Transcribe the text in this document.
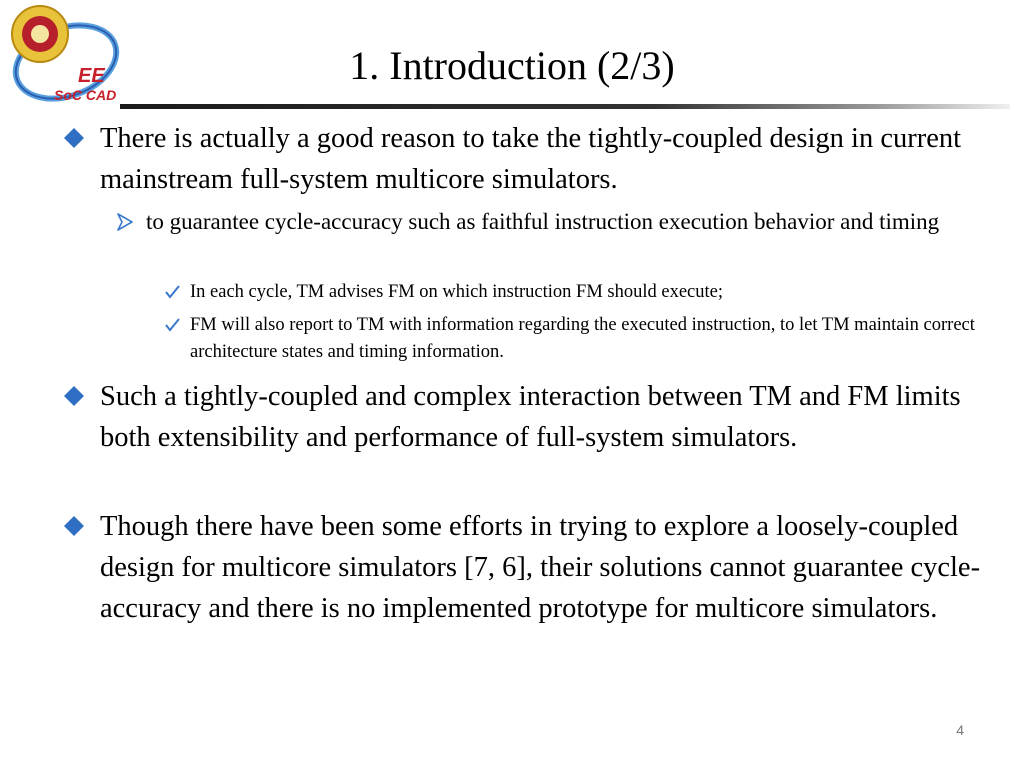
EE
SoC CAD
1. Introduction (2/3)
There is actually a good reason to take the tightly-coupled design in current mainstream full-system multicore simulators.
to guarantee cycle-accuracy such as faithful instruction execution behavior and timing
In each cycle, TM advises FM on which instruction FM should execute;
FM will also report to TM with information regarding the executed instruction, to let TM maintain correct architecture states and timing information.
Such a tightly-coupled and complex interaction between TM and FM limits both extensibility and performance of full-system simulators.
Though there have been some efforts in trying to explore a loosely-coupled design for multicore simulators [7, 6], their solutions cannot guarantee cycle-accuracy and there is no implemented prototype for multicore simulators.
4
